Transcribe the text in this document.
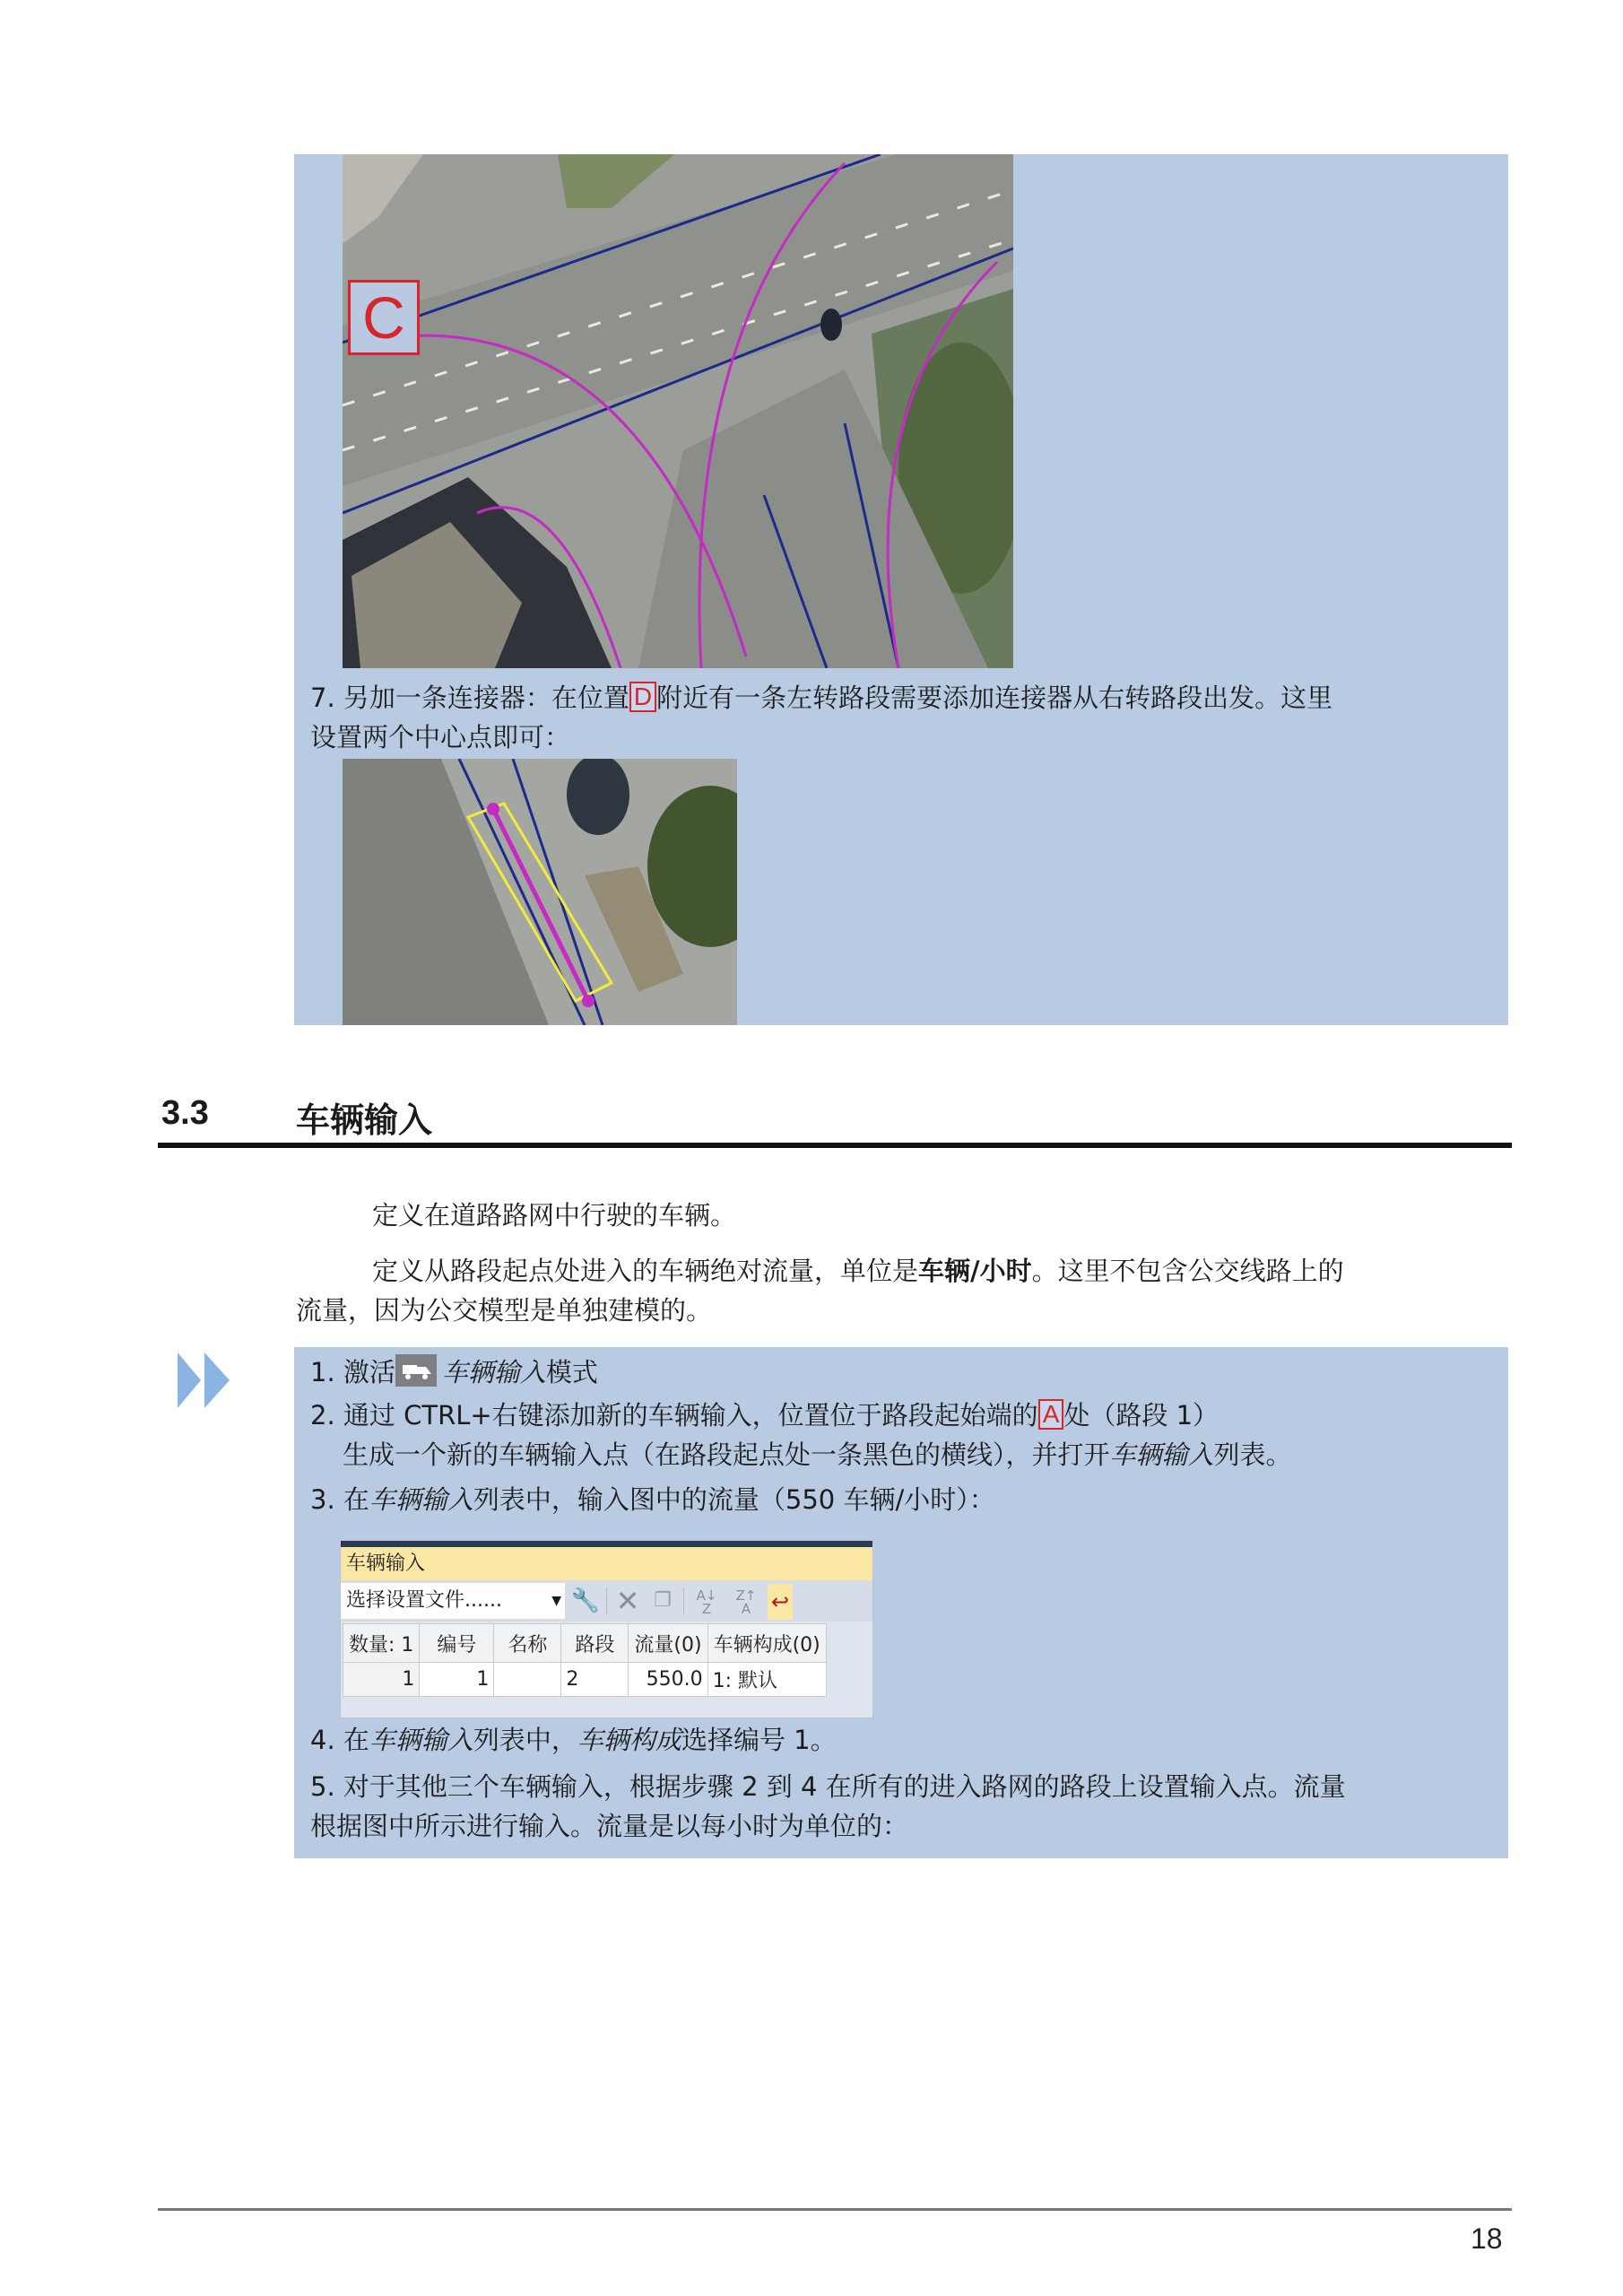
C
7. 另加一条连接器：在位置 D 附近有一条左转路段需要添加连接器从右转路段出发。这里
设置两个中心点即可：
3.3	车辆输入
定义在道路路网中行驶的车辆。
定义从路段起点处进入的车辆绝对流量，单位是车辆/小时。这里不包含公交线路上的
流量，因为公交模型是单独建模的。
1. 激活 车辆输入模式
2. 通过 CTRL+右键添加新的车辆输入，位置位于路段起始端的 A 处（路段 1）
生成一个新的车辆输入点（在路段起点处一条黑色的横线），并打开车辆输入列表。
3. 在车辆输入列表中，输入图中的流量（550 车辆/小时）：
车辆输入
选择设置文件......	▼ 🔧 ✕ ❐	A↓
Z
Z↑
A ↩
数量: 1	编号	名称	路段	流量(0)	车辆构成(0)
1	1		2	550.0	1: 默认
4. 在车辆输入列表中，车辆构成选择编号 1。
5. 对于其他三个车辆输入，根据步骤 2 到 4 在所有的进入路网的路段上设置输入点。流量
根据图中所示进行输入。流量是以每小时为单位的：
18
